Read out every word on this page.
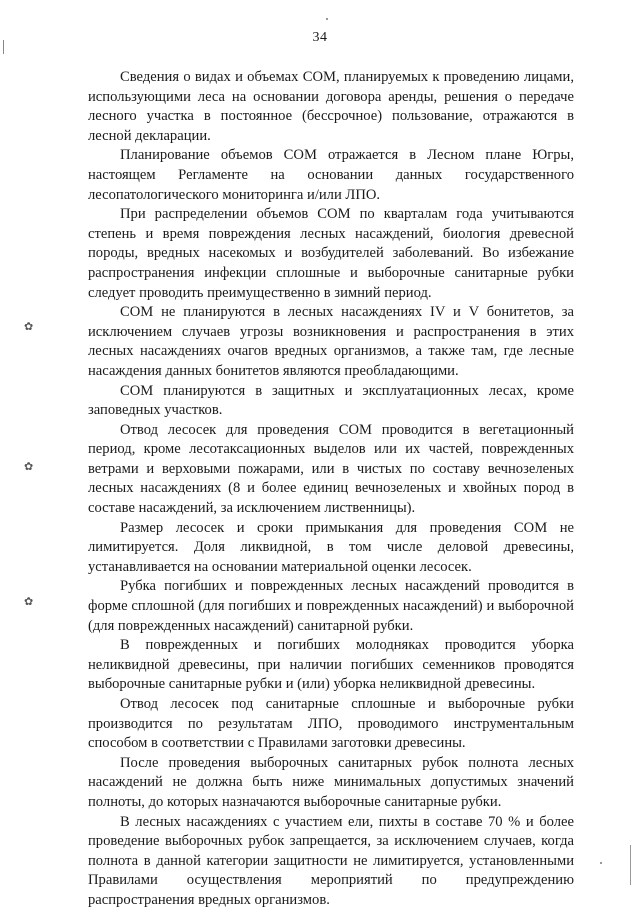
✿
✿
✿
34

Сведения о видах и объемах СОМ, планируемых к проведению лицами, использующими леса на основании договора аренды, решения о передаче лесного участка в постоянное (бессрочное) пользование, отражаются в лесной декларации.

Планирование объемов СОМ отражается в Лесном плане Югры, настоящем Регламенте на основании данных государственного лесопатологического мониторинга и/или ЛПО.

При распределении объемов СОМ по кварталам года учитываются степень и время повреждения лесных насаждений, биология древесной породы, вредных насекомых и возбудителей заболеваний. Во избежание распространения инфекции сплошные и выборочные санитарные рубки следует проводить преимущественно в зимний период.

СОМ не планируются в лесных насаждениях IV и V бонитетов, за исключением случаев угрозы возникновения и распространения в этих лесных насаждениях очагов вредных организмов, а также там, где лесные насаждения данных бонитетов являются преобладающими.

СОМ планируются в защитных и эксплуатационных лесах, кроме заповедных участков.

Отвод лесосек для проведения СОМ проводится в вегетационный период, кроме лесотаксационных выделов или их частей, поврежденных ветрами и верховыми пожарами, или в чистых по составу вечнозеленых лесных насаждениях (8 и более единиц вечнозеленых и хвойных пород в составе насаждений, за исключением лиственницы).

Размер лесосек и сроки примыкания для проведения СОМ не лимитируется. Доля ликвидной, в том числе деловой древесины, устанавливается на основании материальной оценки лесосек.

Рубка погибших и поврежденных лесных насаждений проводится в форме сплошной (для погибших и поврежденных насаждений) и выборочной (для поврежденных насаждений) санитарной рубки.

В поврежденных и погибших молодняках проводится уборка неликвидной древесины, при наличии погибших семенников проводятся выборочные санитарные рубки и (или) уборка неликвидной древесины.

Отвод лесосек под санитарные сплошные и выборочные рубки производится по результатам ЛПО, проводимого инструментальным способом в соответствии с Правилами заготовки древесины.

После проведения выборочных санитарных рубок полнота лесных насаждений не должна быть ниже минимальных допустимых значений полноты, до которых назначаются выборочные санитарные рубки.

В лесных насаждениях с участием ели, пихты в составе 70 % и более проведение выборочных рубок запрещается, за исключением случаев, когда полнота в данной категории защитности не лимитируется, установленными Правилами осуществления мероприятий по предупреждению распространения вредных организмов.
